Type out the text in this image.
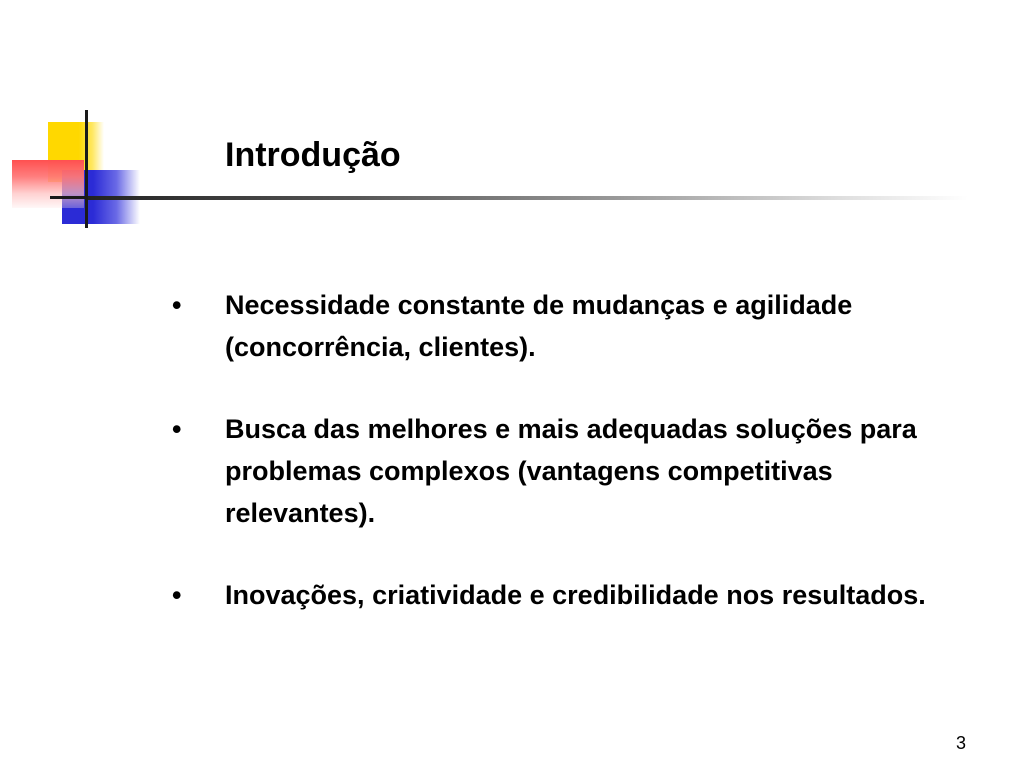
Introdução
•	Necessidade constante de mudanças e agilidade (concorrência, clientes).
•	Busca das melhores e mais adequadas soluções para problemas complexos (vantagens competitivas relevantes).
•	Inovações, criatividade e credibilidade nos resultados.
3
